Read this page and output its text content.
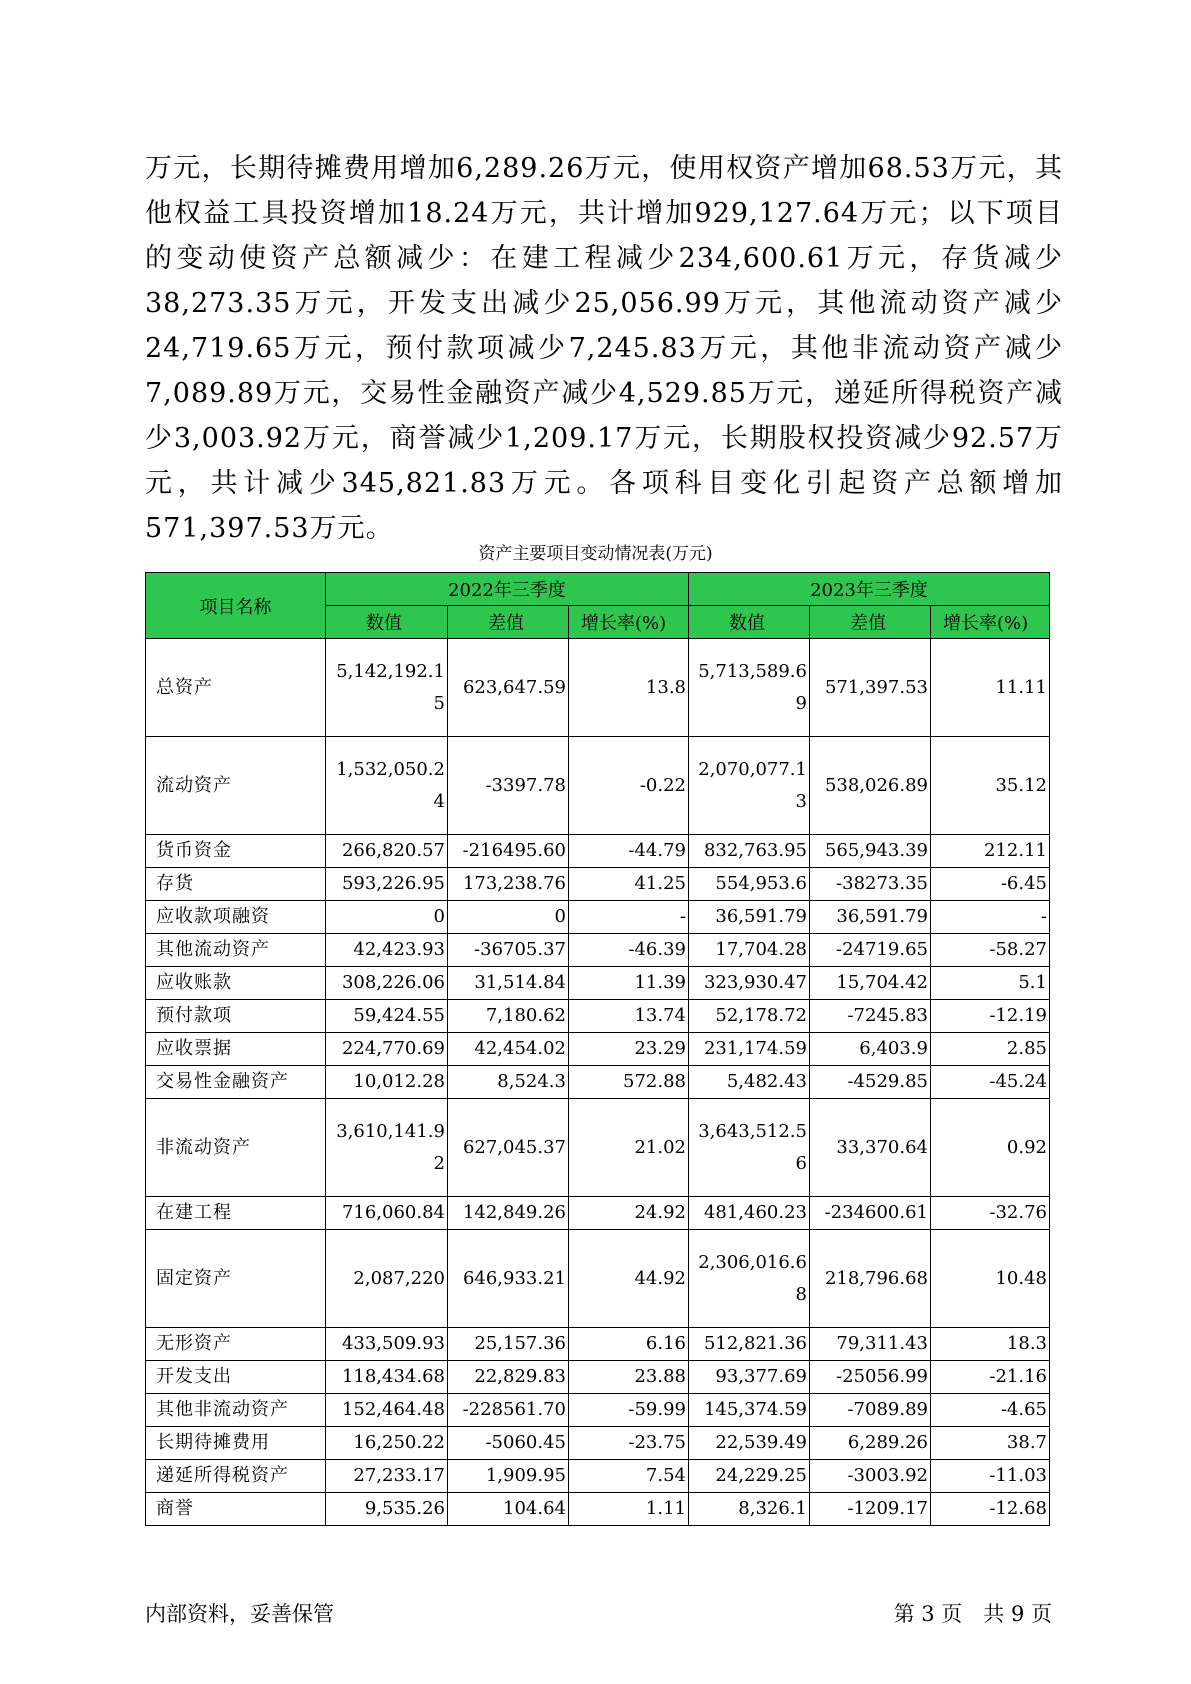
万元，长期待摊费用增加6,289.26万元，使用权资产增加68.53万元，其他权益工具投资增加18.24万元，共计增加929,127.64万元；以下项目的变动使资产总额减少：在建工程减少234,600.61万元，存货减少38,273.35万元，开发支出减少25,056.99万元，其他流动资产减少24,719.65万元，预付款项减少7,245.83万元，其他非流动资产减少7,089.89万元，交易性金融资产减少4,529.85万元，递延所得税资产减少3,003.92万元，商誉减少1,209.17万元，长期股权投资减少92.57万元，共计减少345,821.83万元。各项科目变化引起资产总额增加571,397.53万元。
资产主要项目变动情况表(万元)
项目名称	2022年三季度			2023年三季度		
	数值	差值	增长率(%)	数值	差值	增长率(%)
总资产	5,142,192.15	623,647.59	13.8	5,713,589.69	571,397.53	11.11
流动资产	1,532,050.24	-3397.78	-0.22	2,070,077.13	538,026.89	35.12
货币资金	266,820.57	-216495.60	-44.79	832,763.95	565,943.39	212.11
存货	593,226.95	173,238.76	41.25	554,953.6	-38273.35	-6.45
应收款项融资	0	0	-	36,591.79	36,591.79	-
其他流动资产	42,423.93	-36705.37	-46.39	17,704.28	-24719.65	-58.27
应收账款	308,226.06	31,514.84	11.39	323,930.47	15,704.42	5.1
预付款项	59,424.55	7,180.62	13.74	52,178.72	-7245.83	-12.19
应收票据	224,770.69	42,454.02	23.29	231,174.59	6,403.9	2.85
交易性金融资产	10,012.28	8,524.3	572.88	5,482.43	-4529.85	-45.24
非流动资产	3,610,141.92	627,045.37	21.02	3,643,512.56	33,370.64	0.92
在建工程	716,060.84	142,849.26	24.92	481,460.23	-234600.61	-32.76
固定资产	2,087,220	646,933.21	44.92	2,306,016.68	218,796.68	10.48
无形资产	433,509.93	25,157.36	6.16	512,821.36	79,311.43	18.3
开发支出	118,434.68	22,829.83	23.88	93,377.69	-25056.99	-21.16
其他非流动资产	152,464.48	-228561.70	-59.99	145,374.59	-7089.89	-4.65
长期待摊费用	16,250.22	-5060.45	-23.75	22,539.49	6,289.26	38.7
递延所得税资产	27,233.17	1,909.95	7.54	24,229.25	-3003.92	-11.03
商誉	9,535.26	104.64	1.11	8,326.1	-1209.17	-12.68
内部资料，妥善保管	第 3 页　共 9 页
